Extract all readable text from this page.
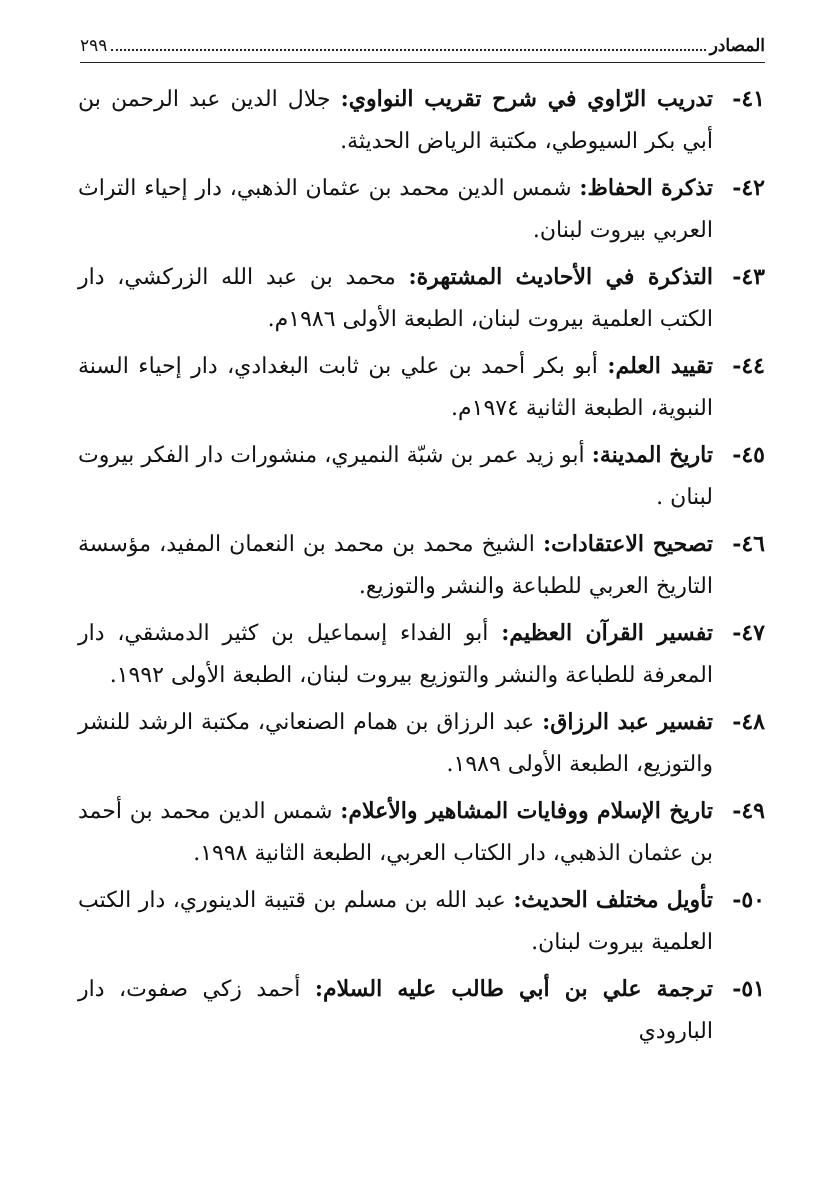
المصادر
٢٩٩
٤١-

تدريب الرّاوي في شرح تقريب النواوي: جلال الدين عبد الرحمن بن أبي بكر السيوطي، مكتبة الرياض الحديثة.

٤٢-

تذكرة الحفاظ: شمس الدين محمد بن عثمان الذهبي، دار إحياء التراث العربي بيروت لبنان.

٤٣-

التذكرة في الأحاديث المشتهرة: محمد بن عبد الله الزركشي، دار الكتب العلمية بيروت لبنان، الطبعة الأولى ١٩٨٦م.

٤٤-

تقييد العلم: أبو بكر أحمد بن علي بن ثابت البغدادي، دار إحياء السنة النبوية، الطبعة الثانية ١٩٧٤م.

٤٥-

تاريخ المدينة: أبو زيد عمر بن شبّة النميري، منشورات دار الفكر بيروت لبنان .

٤٦-

تصحيح الاعتقادات: الشيخ محمد بن محمد بن النعمان المفيد، مؤسسة التاريخ العربي للطباعة والنشر والتوزيع.

٤٧-

تفسير القرآن العظيم: أبو الفداء إسماعيل بن كثير الدمشقي، دار المعرفة للطباعة والنشر والتوزيع بيروت لبنان، الطبعة الأولى ١٩٩٢.

٤٨-

تفسير عبد الرزاق: عبد الرزاق بن همام الصنعاني، مكتبة الرشد للنشر والتوزيع، الطبعة الأولى ١٩٨٩.

٤٩-

تاريخ الإسلام ووفايات المشاهير والأعلام: شمس الدين محمد بن أحمد بن عثمان الذهبي، دار الكتاب العربي، الطبعة الثانية ١٩٩٨.

٥٠-

تأويل مختلف الحديث: عبد الله بن مسلم بن قتيبة الدينوري، دار الكتب العلمية بيروت لبنان.

٥١-

ترجمة علي بن أبي طالب عليه السلام: أحمد زكي صفوت، دار البارودي
